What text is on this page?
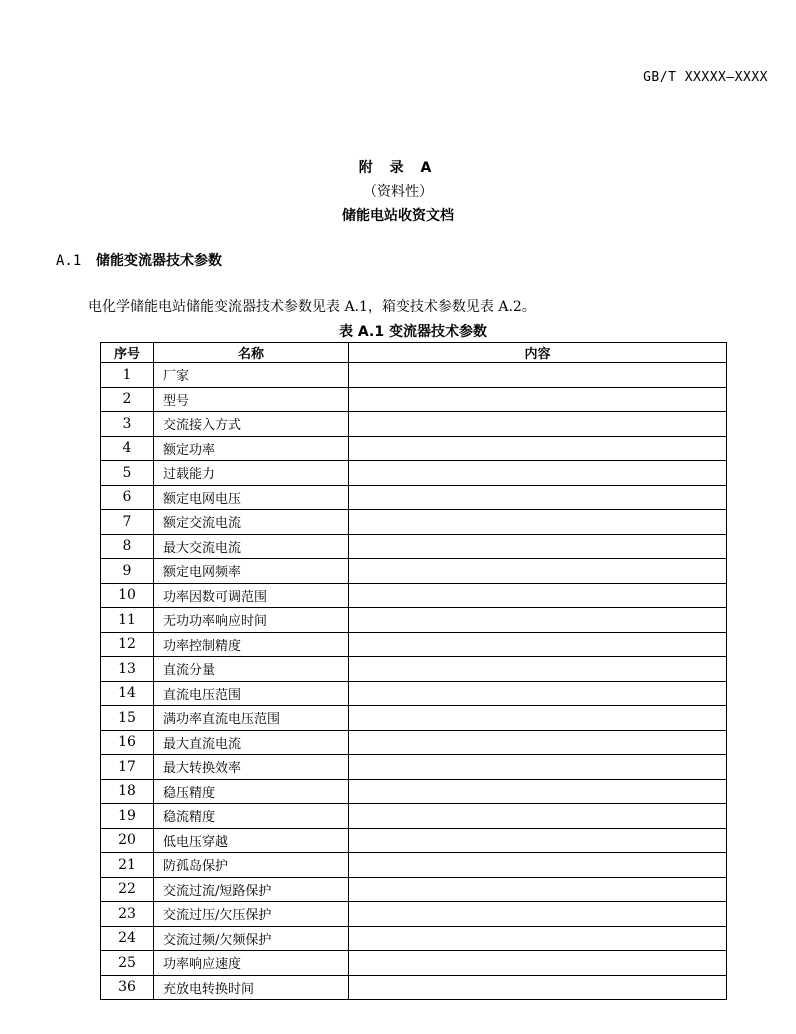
GB/T XXXXX—XXXX
附 录 A
（资料性）
储能电站收资文档
A.1 储能变流器技术参数
电化学储能电站储能变流器技术参数见表 A.1，箱变技术参数见表 A.2。
表 A.1 变流器技术参数
序号	名称	内容
1	厂家	
2	型号	
3	交流接入方式	
4	额定功率	
5	过载能力	
6	额定电网电压	
7	额定交流电流	
8	最大交流电流	
9	额定电网频率	
10	功率因数可调范围	
11	无功功率响应时间	
12	功率控制精度	
13	直流分量	
14	直流电压范围	
15	满功率直流电压范围	
16	最大直流电流	
17	最大转换效率	
18	稳压精度	
19	稳流精度	
20	低电压穿越	
21	防孤岛保护	
22	交流过流/短路保护	
23	交流过压/欠压保护	
24	交流过频/欠频保护	
25	功率响应速度	
36	充放电转换时间	
